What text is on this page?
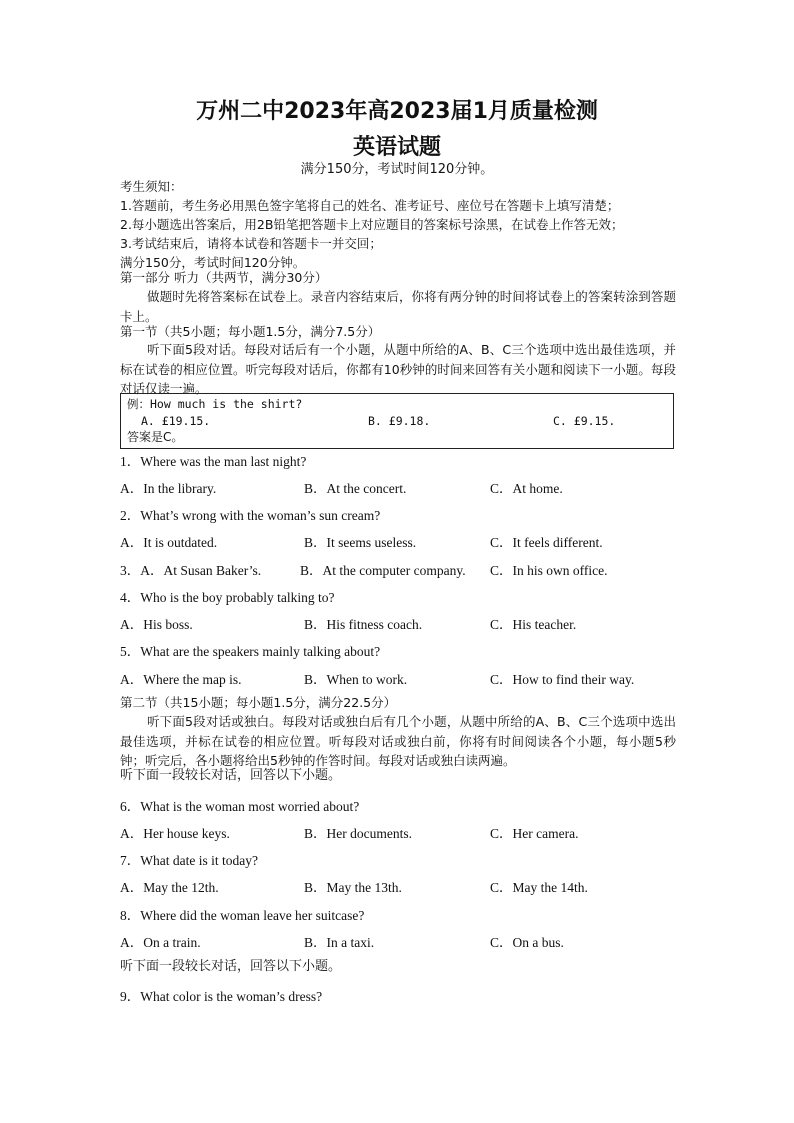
万州二中2023年高2023届1月质量检测
英语试题
满分150分，考试时间120分钟。
考生须知：
1.答题前，考生务必用黑色签字笔将自己的姓名、准考证号、座位号在答题卡上填写清楚；
2.每小题选出答案后，用2B铅笔把答题卡上对应题目的答案标号涂黑，在试卷上作答无效；
3.考试结束后，请将本试卷和答题卡一并交回；
满分150分，考试时间120分钟。
第一部分 听力（共两节，满分30分）
做题时先将答案标在试卷上。录音内容结束后，你将有两分钟的时间将试卷上的答案转涂到答题卡上。
第一节（共5小题；每小题1.5分，满分7.5分）
听下面5段对话。每段对话后有一个小题，从题中所给的A、B、C三个选项中选出最佳选项，并标在试卷的相应位置。听完每段对话后，你都有10秒钟的时间来回答有关小题和阅读下一小题。每段对话仅读一遍。
例：How much is the shirt?
A. £19.15.	B. £9.18.	C. £9.15.
答案是C。
1．Where was the man last night?
A．In the library.	B．At the concert.	C．At home.
2．What’s wrong with the woman’s sun cream?
A．It is outdated.	B．It seems useless.	C．It feels different.
3．A．At Susan Baker’s.	B．At the computer company. C．In his own office.
4．Who is the boy probably talking to?
A．His boss.	B．His fitness coach.	C．His teacher.
5．What are the speakers mainly talking about?
A．Where the map is.	B．When to work.	C．How to find their way.
第二节（共15小题；每小题1.5分，满分22.5分）
听下面5段对话或独白。每段对话或独白后有几个小题，从题中所给的A、B、C三个选项中选出最佳选项，并标在试卷的相应位置。听每段对话或独白前，你将有时间阅读各个小题，每小题5秒钟；听完后，各小题将给出5秒钟的作答时间。每段对话或独白读两遍。
听下面一段较长对话，回答以下小题。
6．What is the woman most worried about?
A．Her house keys.	B．Her documents.	C．Her camera.
7．What date is it today?
A．May the 12th.	B．May the 13th.	C．May the 14th.
8．Where did the woman leave her suitcase?
A．On a train.	B．In a taxi.	C．On a bus.
听下面一段较长对话，回答以下小题。
9．What color is the woman’s dress?
